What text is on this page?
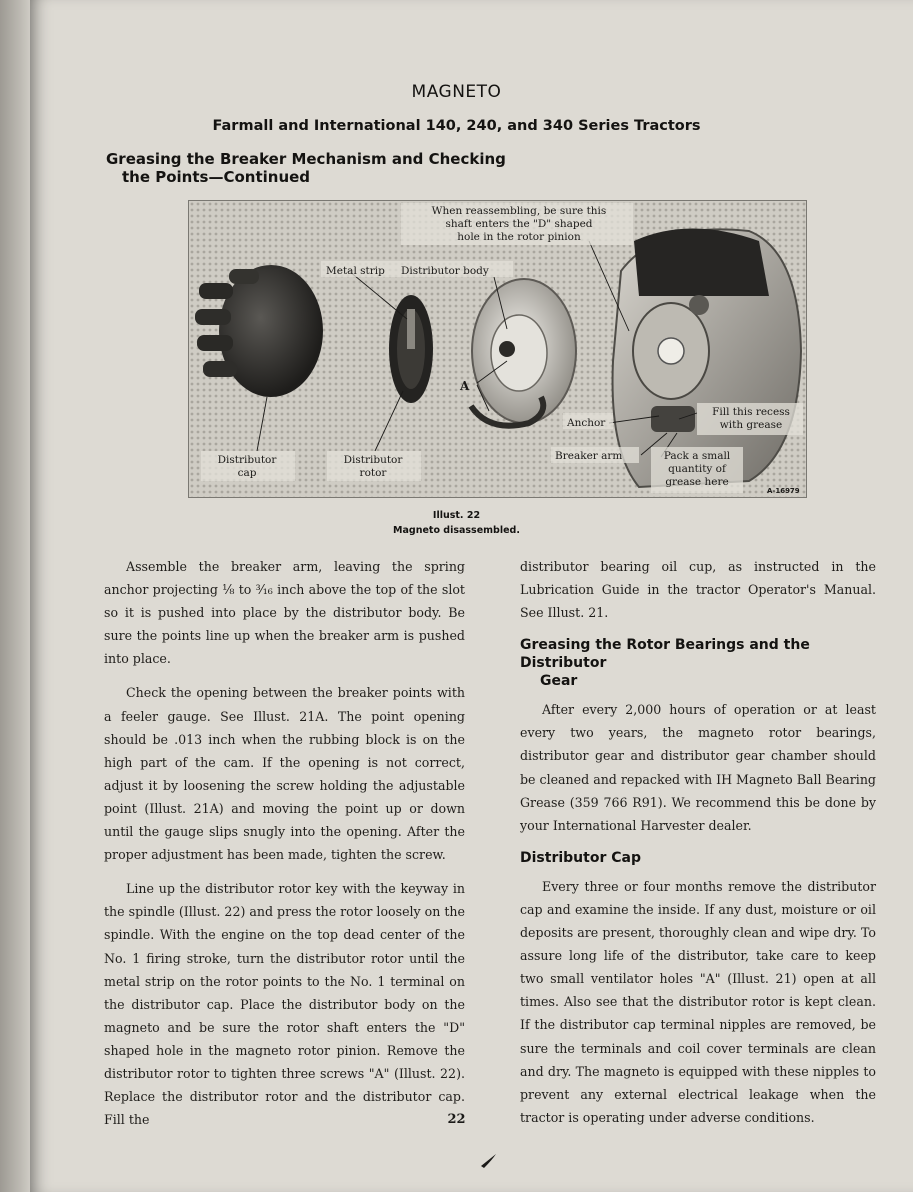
MAGNETO
Farmall and International 140, 240, and 340 Series Tractors
Greasing the Breaker Mechanism and Checking
the Points—Continued
When reassembling, be sure this
shaft enters the "D" shaped
hole in the rotor pinion
Metal strip Distributor body
A
Anchor
Fill this recess
with grease
Distributor
cap
Distributor
rotor
Breaker arm	Pack a small
quantity of
grease here
A-16979
Illust. 22
Magneto disassembled.

Assemble the breaker arm, leaving the spring anchor projecting ⅛ to ³⁄₁₆ inch above the top of the slot so it is pushed into place by the distributor body. Be sure the points line up when the breaker arm is pushed into place.

Check the opening between the breaker points with a feeler gauge. See Illust. 21A. The point opening should be .013 inch when the rubbing block is on the high part of the cam. If the opening is not correct, adjust it by loosening the screw holding the adjustable point (Illust. 21A) and moving the point up or down until the gauge slips snugly into the opening. After the proper adjustment has been made, tighten the screw.

Line up the distributor rotor key with the keyway in the spindle (Illust. 22) and press the rotor loosely on the spindle. With the engine on the top dead center of the No. 1 firing stroke, turn the distributor rotor until the metal strip on the rotor points to the No. 1 terminal on the distributor cap. Place the distributor body on the magneto and be sure the rotor shaft enters the "D" shaped hole in the magneto rotor pinion. Remove the distributor rotor to tighten three screws "A" (Illust. 22). Replace the distributor rotor and the distributor cap. Fill the

distributor bearing oil cup, as instructed in the Lubrication Guide in the tractor Operator's Manual. See Illust. 21.

Greasing the Rotor Bearings and the Distributor
Gear

After every 2,000 hours of operation or at least every two years, the magneto rotor bearings, distributor gear and distributor gear chamber should be cleaned and repacked with IH Magneto Ball Bearing Grease (359 766 R91). We recommend this be done by your International Harvester dealer.

Distributor Cap

Every three or four months remove the distributor cap and examine the inside. If any dust, moisture or oil deposits are present, thoroughly clean and wipe dry. To assure long life of the distributor, take care to keep two small ventilator holes "A" (Illust. 21) open at all times. Also see that the distributor rotor is kept clean. If the distributor cap terminal nipples are removed, be sure the terminals and coil cover terminals are clean and dry. The magneto is equipped with these nipples to prevent any external electrical leakage when the tractor is operating under adverse conditions.

22
